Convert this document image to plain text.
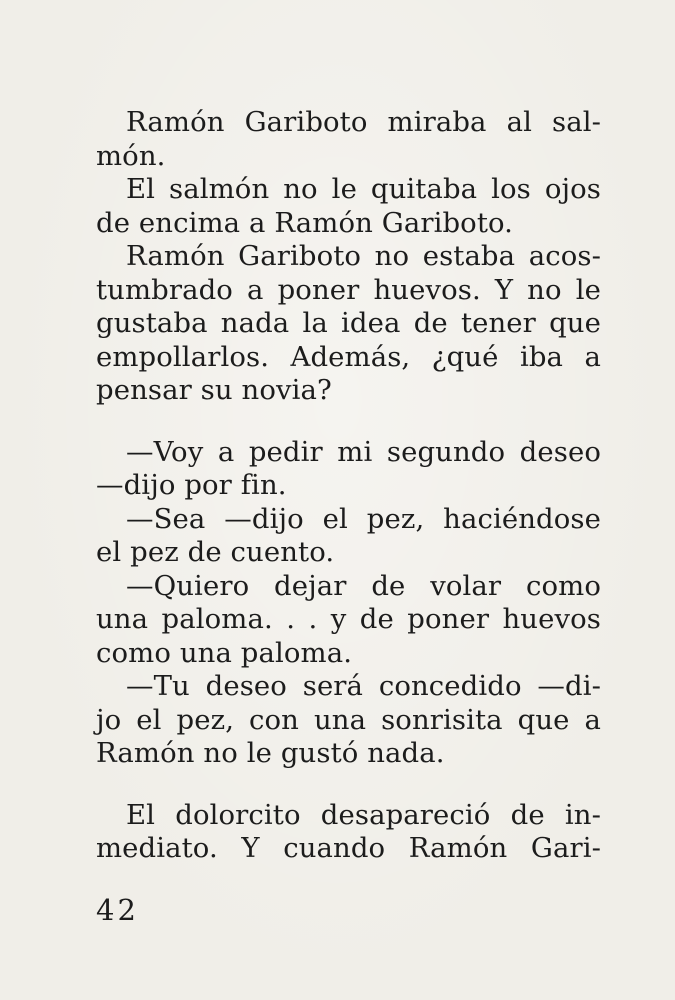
Ramón Gariboto miraba al sal-
món.
El salmón no le quitaba los ojos
de encima a Ramón Gariboto.
Ramón Gariboto no estaba acos-
tumbrado a poner huevos. Y no le
gustaba nada la idea de tener que
empollarlos. Además, ¿qué iba a
pensar su novia?
—Voy a pedir mi segundo deseo
—dijo por fin.
—Sea —dijo el pez, haciéndose
el pez de cuento.
—Quiero dejar de volar como
una paloma. . . y de poner huevos
como una paloma.
—Tu deseo será concedido —di-
jo el pez, con una sonrisita que a
Ramón no le gustó nada.
El dolorcito desapareció de in-
mediato. Y cuando Ramón Gari-
42
